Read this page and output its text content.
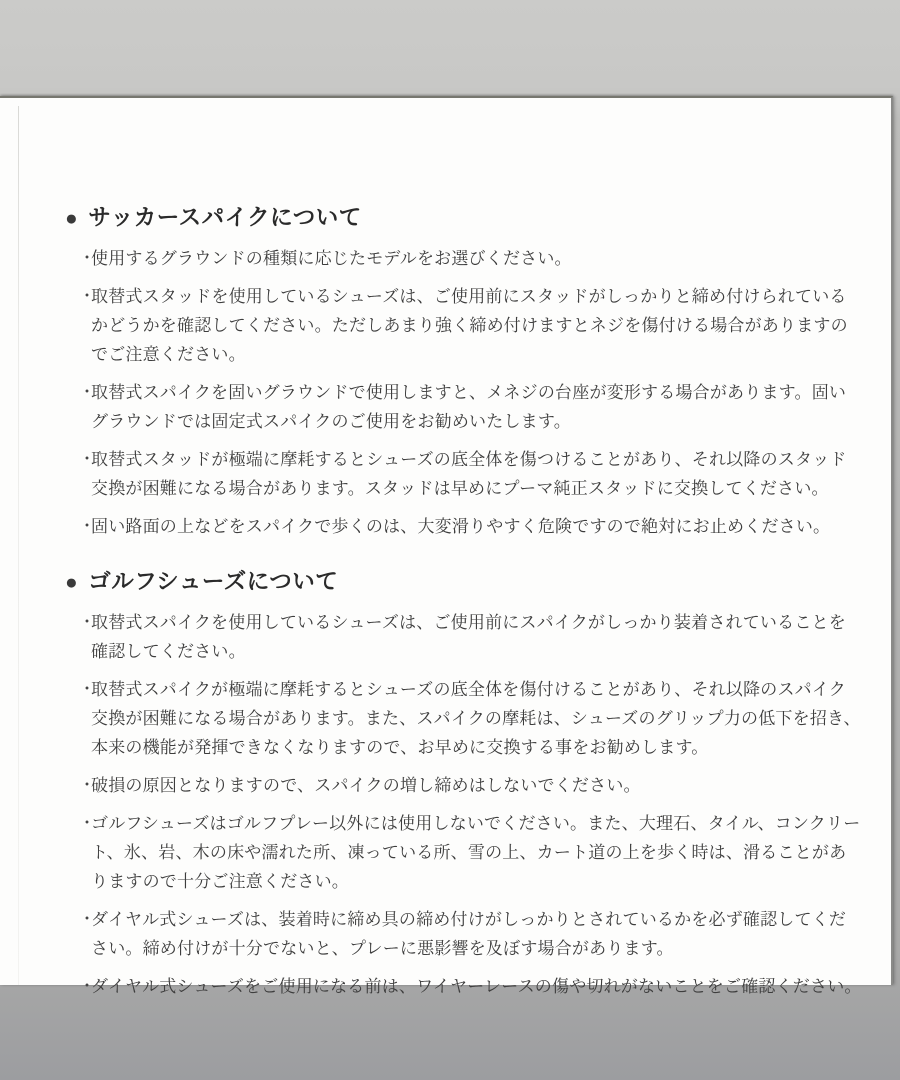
● サッカースパイクについて
・
使用するグラウンドの種類に応じたモデルをお選びください。
・
取替式スタッドを使用しているシューズは、ご使用前にスタッドがしっかりと締め付けられているかどうかを確認してください。ただしあまり強く締め付けますとネジを傷付ける場合がありますのでご注意ください。
・
取替式スパイクを固いグラウンドで使用しますと、メネジの台座が変形する場合があります。固いグラウンドでは固定式スパイクのご使用をお勧めいたします。
・
取替式スタッドが極端に摩耗するとシューズの底全体を傷つけることがあり、それ以降のスタッド交換が困難になる場合があります。スタッドは早めにプーマ純正スタッドに交換してください。
・
固い路面の上などをスパイクで歩くのは、大変滑りやすく危険ですので絶対にお止めください。
● ゴルフシューズについて
・
取替式スパイクを使用しているシューズは、ご使用前にスパイクがしっかり装着されていることを確認してください。
・
取替式スパイクが極端に摩耗するとシューズの底全体を傷付けることがあり、それ以降のスパイク交換が困難になる場合があります。また、スパイクの摩耗は、シューズのグリップ力の低下を招き、本来の機能が発揮できなくなりますので、お早めに交換する事をお勧めします。
・
破損の原因となりますので、スパイクの増し締めはしないでください。
・
ゴルフシューズはゴルフプレー以外には使用しないでください。また、大理石、タイル、コンクリート、氷、岩、木の床や濡れた所、凍っている所、雪の上、カート道の上を歩く時は、滑ることがありますので十分ご注意ください。
・
ダイヤル式シューズは、装着時に締め具の締め付けがしっかりとされているかを必ず確認してください。締め付けが十分でないと、プレーに悪影響を及ぼす場合があります。
・
ダイヤル式シューズをご使用になる前は、ワイヤーレースの傷や切れがないことをご確認ください。
